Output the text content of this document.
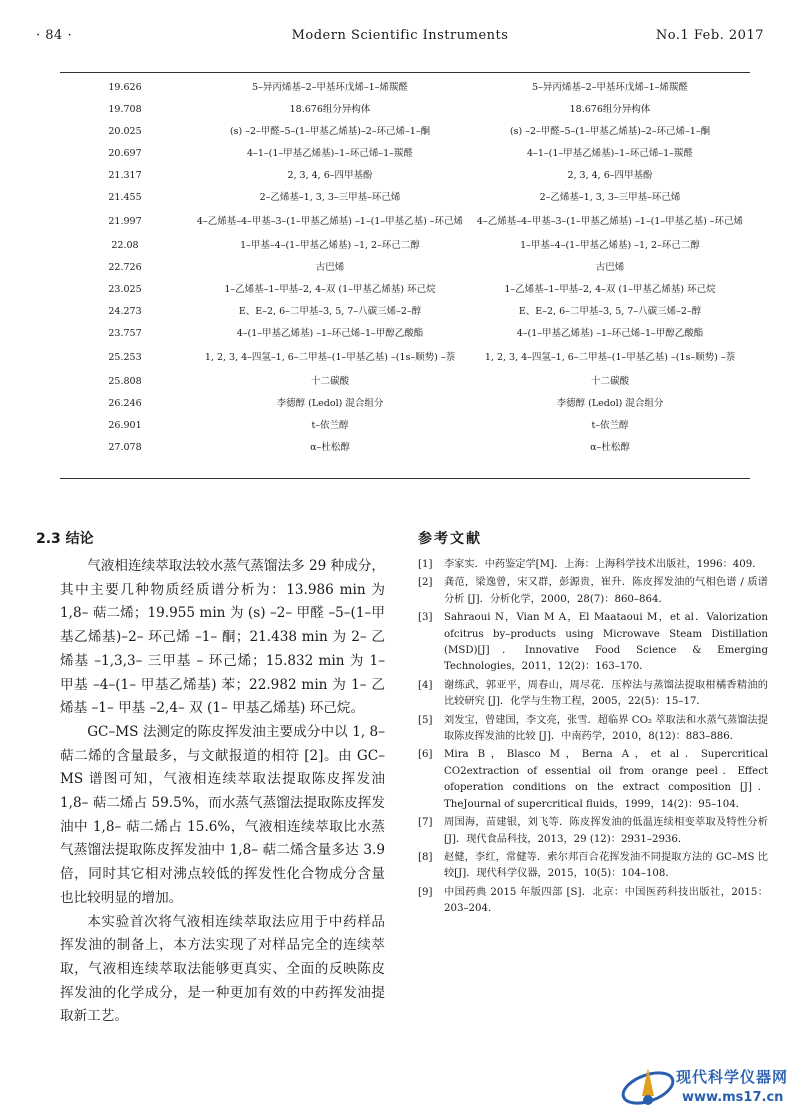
· 84 ·	Modern Scientific Instruments	No.1 Feb. 2017
19.626	5–异丙烯基–2–甲基环戊烯–1–烯羰醛	5–异丙烯基–2–甲基环戊烯–1–烯羰醛
19.708	18.676组分异构体	18.676组分异构体
20.025	(s) –2–甲醛–5–(1–甲基乙烯基)–2–环己烯–1–酮	(s) –2–甲醛–5–(1–甲基乙烯基)–2–环己烯–1–酮
20.697	4–1–(1–甲基乙烯基)–1–环己烯–1–羰醛	4–1–(1–甲基乙烯基)–1–环己烯–1–羰醛
21.317	2, 3, 4, 6–四甲基酚	2, 3, 4, 6–四甲基酚
21.455	2–乙烯基–1, 3, 3–三甲基–环己烯	2–乙烯基–1, 3, 3–三甲基–环己烯
21.997	4–乙烯基–4–甲基–3–(1–甲基乙烯基) –1–(1–甲基乙基) –环己烯	4–乙烯基–4–甲基–3–(1–甲基乙烯基) –1–(1–甲基乙基) –环己烯
22.08	1–甲基–4–(1–甲基乙烯基) –1, 2–环己二醇	1–甲基–4–(1–甲基乙烯基) –1, 2–环己二醇
22.726	古巴烯	古巴烯
23.025	1–乙烯基–1–甲基–2, 4–双 (1–甲基乙烯基) 环己烷	1–乙烯基–1–甲基–2, 4–双 (1–甲基乙烯基) 环己烷
24.273	E、E–2, 6–二甲基–3, 5, 7–八碳三烯–2–醇	E、E–2, 6–二甲基–3, 5, 7–八碳三烯–2–醇
23.757	4–(1–甲基乙烯基) –1–环己烯–1–甲醇乙酸酯	4–(1–甲基乙烯基) –1–环己烯–1–甲醇乙酸酯
25.253	1, 2, 3, 4–四氢–1, 6–二甲基–(1–甲基乙基) –(1s–顺势) –萘	1, 2, 3, 4–四氢–1, 6–二甲基–(1–甲基乙基) –(1s–顺势) –萘
25.808	十二碳酸	十二碳酸
26.246	李德醇 (Ledol) 混合组分	李德醇 (Ledol) 混合组分
26.901	t–依兰醇	t–依兰醇
27.078	α–杜松醇	α–杜松醇
2.3 结论

气液相连续萃取法较水蒸气蒸馏法多 29 种成分，其中主要几种物质经质谱分析为：13.986 min 为 1,8– 萜二烯；19.955 min 为 (s) –2– 甲醛 –5–(1–甲基乙烯基)–2– 环己烯 –1– 酮；21.438 min 为 2– 乙烯基 –1,3,3– 三甲基 – 环己烯；15.832 min 为 1– 甲基 –4–(1– 甲基乙烯基) 苯；22.982 min 为 1– 乙烯基 –1– 甲基 –2,4– 双 (1– 甲基乙烯基) 环己烷。

GC–MS 法测定的陈皮挥发油主要成分中以 1, 8– 萜二烯的含量最多，与文献报道的相符 [2]。由 GC–MS 谱图可知，气液相连续萃取法提取陈皮挥发油 1,8– 萜二烯占 59.5%，而水蒸气蒸馏法提取陈皮挥发油中 1,8– 萜二烯占 15.6%，气液相连续萃取比水蒸气蒸馏法提取陈皮挥发油中 1,8– 萜二烯含量多达 3.9 倍，同时其它相对沸点较低的挥发性化合物成分含量也比较明显的增加。

本实验首次将气液相连续萃取法应用于中药样品挥发油的制备上，本方法实现了对样品完全的连续萃取，气液相连续萃取法能够更真实、全面的反映陈皮挥发油的化学成分，是一种更加有效的中药挥发油提取新工艺。

参考文献
[1]	李家实．中药鉴定学[M]．上海：上海科学技术出版社，1996：409．
[2]	龚范，梁逸曾，宋又群，彭源贵，崔升．陈皮挥发油的气相色谱 / 质谱分析 [J]．分析化学，2000，28(7)：860–864．
[3]	Sahraoui N，Vian M A，El Maataoui M，et al．Valorization ofcitrus by–products using Microwave Steam Distillation (MSD)[J]．Innovative Food Science & Emerging Technologies，2011，12(2)：163–170．
[4]	谢练武，郭亚平，周春山，周尽花．压榨法与蒸馏法提取柑橘香精油的比较研究 [J]．化学与生物工程，2005，22(5)：15–17．
[5]	刘发宝，曾建国，李文亮，张雪．超临界 CO₂ 萃取法和水蒸气蒸馏法提取陈皮挥发油的比较 [J]．中南药学，2010，8(12)：883–886．
[6]	Mira B，Blasco M，Berna A，et al．Supercritical CO2extraction of essential oil from orange peel．Effect ofoperation conditions on the extract composition [J]．TheJournal of supercritical fluids，1999，14(2)：95–104．
[7]	周国海，苗建银，刘飞等．陈皮挥发油的低温连续相变萃取及特性分析 [J]．现代食品科技，2013，29 (12)：2931–2936．
[8]	赵健，李红，常健等．索尔邦百合花挥发油不同提取方法的 GC–MS 比较[J]．现代科学仪器，2015，10(5)：104–108．
[9]	中国药典 2015 年版四部 [S]．北京：中国医药科技出版社，2015：203–204．
现代科学仪器网
www.ms17.cn
